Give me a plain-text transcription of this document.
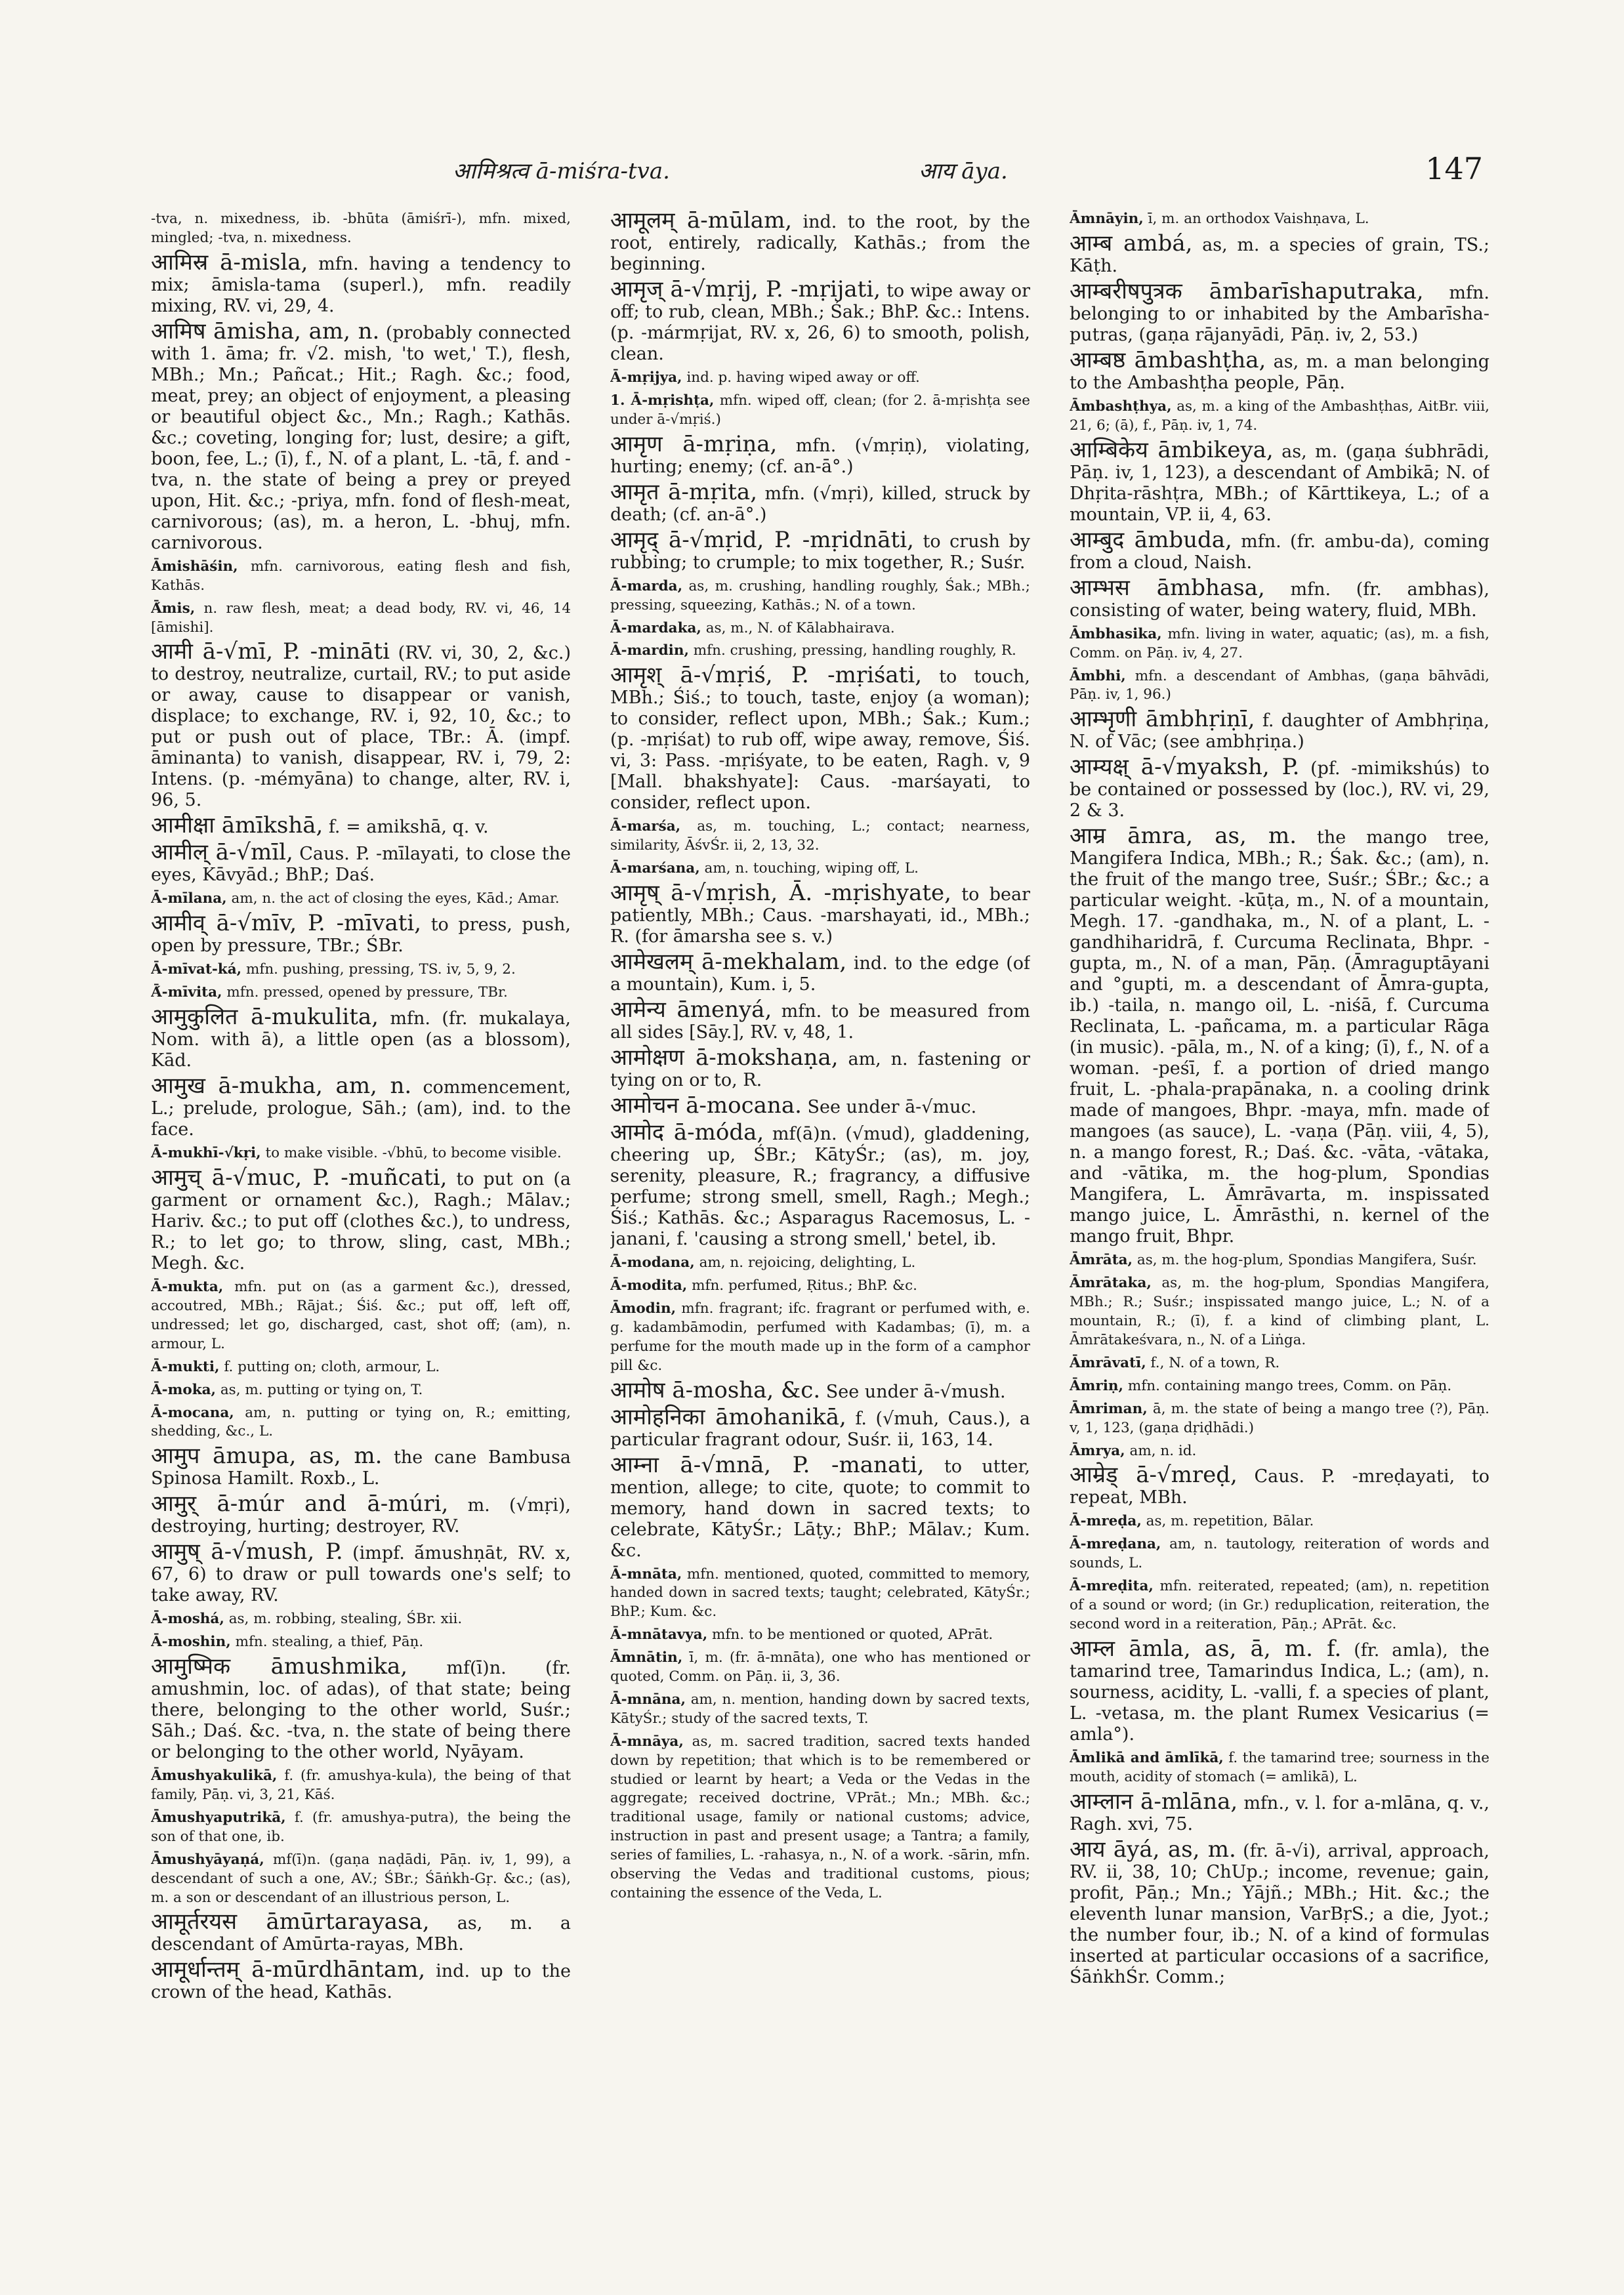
आमिश्रत्व ā-miśra-tva.	आय āya.	147

-tva, n. mixedness, ib. -bhūta (āmiśrī-), mfn. mixed, mingled; -tva, n. mixedness.

आमिस्र ā-misla, mfn. having a tendency to mix; āmisla-tama (superl.), mfn. readily mixing, RV. vi, 29, 4.

आमिष āmisha, am, n. (probably connected with 1. āma; fr. √2. mish, 'to wet,' T.), flesh, MBh.; Mn.; Pañcat.; Hit.; Ragh. &c.; food, meat, prey; an object of enjoyment, a pleasing or beautiful object &c., Mn.; Ragh.; Kathās. &c.; coveting, longing for; lust, desire; a gift, boon, fee, L.; (ī), f., N. of a plant, L. -tā, f. and -tva, n. the state of being a prey or preyed upon, Hit. &c.; -priya, mfn. fond of flesh-meat, carnivorous; (as), m. a heron, L. -bhuj, mfn. carnivorous.

Āmishāśin, mfn. carnivorous, eating flesh and fish, Kathās.

Ā́mis, n. raw flesh, meat; a dead body, RV. vi, 46, 14 [āmishi].

आमी ā-√mī, P. -mināti (RV. vi, 30, 2, &c.) to destroy, neutralize, curtail, RV.; to put aside or away, cause to disappear or vanish, displace; to exchange, RV. i, 92, 10, &c.; to put or push out of place, TBr.: Ā. (impf. āminanta) to vanish, disappear, RV. i, 79, 2: Intens. (p. -mémyāna) to change, alter, RV. i, 96, 5.

आमीक्षा āmīkshā, f. = amikshā, q. v.

आमील् ā-√mīl, Caus. P. -mīlayati, to close the eyes, Kāvyād.; BhP.; Daś.

Ā-mīlana, am, n. the act of closing the eyes, Kād.; Amar.

आमीव् ā-√mīv, P. -mīvati, to press, push, open by pressure, TBr.; ŚBr.

Ā-mīvat-ká, mfn. pushing, pressing, TS. iv, 5, 9, 2.

Ā́-mīvita, mfn. pressed, opened by pressure, TBr.

आमुकुलित ā-mukulita, mfn. (fr. mukalaya, Nom. with ā), a little open (as a blossom), Kād.

आमुख ā-mukha, am, n. commencement, L.; prelude, prologue, Sāh.; (am), ind. to the face.

Ā-mukhī-√kṛi, to make visible. -√bhū, to become visible.

आमुच् ā-√muc, P. -muñcati, to put on (a garment or ornament &c.), Ragh.; Mālav.; Hariv. &c.; to put off (clothes &c.), to undress, R.; to let go; to throw, sling, cast, MBh.; Megh. &c.

Ā-mukta, mfn. put on (as a garment &c.), dressed, accoutred, MBh.; Rājat.; Śiś. &c.; put off, left off, undressed; let go, discharged, cast, shot off; (am), n. armour, L.

Ā-mukti, f. putting on; cloth, armour, L.

Ā-moka, as, m. putting or tying on, T.

Ā-mocana, am, n. putting or tying on, R.; emitting, shedding, &c., L.

आमुप āmupa, as, m. the cane Bambusa Spinosa Hamilt. Roxb., L.

आमुर् ā-múr and ā-múri, m. (√mṛi), destroying, hurting; destroyer, RV.

आमुष् ā-√mush, P. (impf. ā́mushṇāt, RV. x, 67, 6) to draw or pull towards one's self; to take away, RV.

Ā-moshá, as, m. robbing, stealing, ŚBr. xii.

Ā-moshin, mfn. stealing, a thief, Pāṇ.

आमुष्मिक āmushmika, mf(ī)n. (fr. amushmin, loc. of adas), of that state; being there, belonging to the other world, Suśr.; Sāh.; Daś. &c. -tva, n. the state of being there or belonging to the other world, Nyāyam.

Āmushyakulikā, f. (fr. amushya-kula), the being of that family, Pāṇ. vi, 3, 21, Kāś.

Āmushyaputrikā, f. (fr. amushya-putra), the being the son of that one, ib.

Āmushyāyaṇá, mf(ī)n. (gaṇa naḍādi, Pāṇ. iv, 1, 99), a descendant of such a one, AV.; ŚBr.; Śāṅkh-Gṛ. &c.; (as), m. a son or descendant of an illustrious person, L.

आमूर्तरयस āmūrtarayasa, as, m. a descendant of Amūrta-rayas, MBh.

आमूर्धान्तम् ā-mūrdhāntam, ind. up to the crown of the head, Kathās.

आमूलम् ā-mūlam, ind. to the root, by the root, entirely, radically, Kathās.; from the beginning.

आमृज् ā-√mṛij, P. -mṛijati, to wipe away or off; to rub, clean, MBh.; Śak.; BhP. &c.: Intens. (p. -mármṛijat, RV. x, 26, 6) to smooth, polish, clean.

Ā-mṛijya, ind. p. having wiped away or off.

1. Ā-mṛishṭa, mfn. wiped off, clean; (for 2. ā-mṛishṭa see under ā-√mṛiś.)

आमृण ā-mṛiṇa, mfn. (√mṛiṇ), violating, hurting; enemy; (cf. an-ā°.)

आमृत ā-mṛita, mfn. (√mṛi), killed, struck by death; (cf. an-ā°.)

आमृद् ā-√mṛid, P. -mṛidnāti, to crush by rubbing; to crumple; to mix together, R.; Suśr.

Ā-marda, as, m. crushing, handling roughly, Śak.; MBh.; pressing, squeezing, Kathās.; N. of a town.

Ā-mardaka, as, m., N. of Kālabhairava.

Ā-mardin, mfn. crushing, pressing, handling roughly, R.

आमृश् ā-√mṛiś, P. -mṛiśati, to touch, MBh.; Śiś.; to touch, taste, enjoy (a woman); to consider, reflect upon, MBh.; Śak.; Kum.; (p. -mṛiśat) to rub off, wipe away, remove, Śiś. vi, 3: Pass. -mṛiśyate, to be eaten, Ragh. v, 9 [Mall. bhakshyate]: Caus. -marśayati, to consider, reflect upon.

Ā-marśa, as, m. touching, L.; contact; nearness, similarity, ĀśvŚr. ii, 2, 13, 32.

Ā-marśana, am, n. touching, wiping off, L.

आमृष् ā-√mṛish, Ā. -mṛishyate, to bear patiently, MBh.; Caus. -marshayati, id., MBh.; R. (for āmarsha see s. v.)

आमेखलम् ā-mekhalam, ind. to the edge (of a mountain), Kum. i, 5.

आमेन्य āmenyá, mfn. to be measured from all sides [Sāy.], RV. v, 48, 1.

आमोक्षण ā-mokshaṇa, am, n. fastening or tying on or to, R.

आमोचन ā-mocana. See under ā-√muc.

आमोद ā-móda, mf(ā)n. (√mud), gladdening, cheering up, ŚBr.; KātyŚr.; (as), m. joy, serenity, pleasure, R.; fragrancy, a diffusive perfume; strong smell, smell, Ragh.; Megh.; Śiś.; Kathās. &c.; Asparagus Racemosus, L. -janani, f. 'causing a strong smell,' betel, ib.

Ā-modana, am, n. rejoicing, delighting, L.

Ā-modita, mfn. perfumed, Ṛitus.; BhP. &c.

Āmodin, mfn. fragrant; ifc. fragrant or perfumed with, e. g. kadambāmodin, perfumed with Kadambas; (ī), m. a perfume for the mouth made up in the form of a camphor pill &c.

आमोष ā-mosha, &c. See under ā-√mush.

आमोहनिका āmohanikā, f. (√muh, Caus.), a particular fragrant odour, Suśr. ii, 163, 14.

आम्ना ā-√mnā, P. -manati, to utter, mention, allege; to cite, quote; to commit to memory, hand down in sacred texts; to celebrate, KātyŚr.; Lāṭy.; BhP.; Mālav.; Kum. &c.

Ā-mnāta, mfn. mentioned, quoted, committed to memory, handed down in sacred texts; taught; celebrated, KātyŚr.; BhP.; Kum. &c.

Ā-mnātavya, mfn. to be mentioned or quoted, APrāt.

Āmnātin, ī, m. (fr. ā-mnāta), one who has mentioned or quoted, Comm. on Pāṇ. ii, 3, 36.

Ā-mnāna, am, n. mention, handing down by sacred texts, KātyŚr.; study of the sacred texts, T.

Ā-mnāya, as, m. sacred tradition, sacred texts handed down by repetition; that which is to be remembered or studied or learnt by heart; a Veda or the Vedas in the aggregate; received doctrine, VPrāt.; Mn.; MBh. &c.; traditional usage, family or national customs; advice, instruction in past and present usage; a Tantra; a family, series of families, L. -rahasya, n., N. of a work. -sārin, mfn. observing the Vedas and traditional customs, pious; containing the essence of the Veda, L.

Āmnāyin, ī, m. an orthodox Vaishṇava, L.

आम्ब ambá, as, m. a species of grain, TS.; Kāṭh.

आम्बरीषपुत्रक āmbarīshaputraka, mfn. belonging to or inhabited by the Ambarīsha-putras, (gaṇa rājanyādi, Pāṇ. iv, 2, 53.)

आम्बष्ठ āmbashṭha, as, m. a man belonging to the Ambashṭha people, Pāṇ.

Āmbashṭhya, as, m. a king of the Ambashṭhas, AitBr. viii, 21, 6; (ā), f., Pāṇ. iv, 1, 74.

आम्बिकेय āmbikeya, as, m. (gaṇa śubhrādi, Pāṇ. iv, 1, 123), a descendant of Ambikā; N. of Dhṛita-rāshṭra, MBh.; of Kārttikeya, L.; of a mountain, VP. ii, 4, 63.

आम्बुद āmbuda, mfn. (fr. ambu-da), coming from a cloud, Naish.

आम्भस āmbhasa, mfn. (fr. ambhas), consisting of water, being watery, fluid, MBh.

Āmbhasika, mfn. living in water, aquatic; (as), m. a fish, Comm. on Pāṇ. iv, 4, 27.

Āmbhi, mfn. a descendant of Ambhas, (gaṇa bāhvādi, Pāṇ. iv, 1, 96.)

आम्भृणी āmbhṛiṇī, f. daughter of Ambhṛiṇa, N. of Vāc; (see ambhṛiṇa.)

आम्यक्ष् ā-√myaksh, P. (pf. -mimikshús) to be contained or possessed by (loc.), RV. vi, 29, 2 & 3.

आम्र āmra, as, m. the mango tree, Mangifera Indica, MBh.; R.; Śak. &c.; (am), n. the fruit of the mango tree, Suśr.; ŚBr.; &c.; a particular weight. -kūṭa, m., N. of a mountain, Megh. 17. -gandhaka, m., N. of a plant, L. -gandhiharidrā, f. Curcuma Reclinata, Bhpr. -gupta, m., N. of a man, Pāṇ. (Āmraguptāyani and °gupti, m. a descendant of Āmra-gupta, ib.) -taila, n. mango oil, L. -niśā, f. Curcuma Reclinata, L. -pañcama, m. a particular Rāga (in music). -pāla, m., N. of a king; (ī), f., N. of a woman. -peśī, f. a portion of dried mango fruit, L. -phala-prapānaka, n. a cooling drink made of mangoes, Bhpr. -maya, mfn. made of mangoes (as sauce), L. -vaṇa (Pāṇ. viii, 4, 5), n. a mango forest, R.; Daś. &c. -vāta, -vātaka, and -vātika, m. the hog-plum, Spondias Mangifera, L. Āmrāvarta, m. inspissated mango juice, L. Āmrāsthi, n. kernel of the mango fruit, Bhpr.

Āmrāta, as, m. the hog-plum, Spondias Mangifera, Suśr.

Āmrātaka, as, m. the hog-plum, Spondias Mangifera, MBh.; R.; Suśr.; inspissated mango juice, L.; N. of a mountain, R.; (ī), f. a kind of climbing plant, L. Āmrātakeśvara, n., N. of a Liṅga.

Āmrāvatī, f., N. of a town, R.

Āmriṇ, mfn. containing mango trees, Comm. on Pāṇ.

Āmriman, ā, m. the state of being a mango tree (?), Pāṇ. v, 1, 123, (gaṇa dṛiḍhādi.)

Āmrya, am, n. id.

आम्रेड् ā-√mreḍ, Caus. P. -mreḍayati, to repeat, MBh.

Ā-mreḍa, as, m. repetition, Bālar.

Ā-mreḍana, am, n. tautology, reiteration of words and sounds, L.

Ā-mreḍita, mfn. reiterated, repeated; (am), n. repetition of a sound or word; (in Gr.) reduplication, reiteration, the second word in a reiteration, Pāṇ.; APrāt. &c.

आम्ल āmla, as, ā, m. f. (fr. amla), the tamarind tree, Tamarindus Indica, L.; (am), n. sourness, acidity, L. -valli, f. a species of plant, L. -vetasa, m. the plant Rumex Vesicarius (= amla°).

Āmlikā and āmlīkā, f. the tamarind tree; sourness in the mouth, acidity of stomach (= amlikā), L.

आम्लान ā-mlāna, mfn., v. l. for a-mlāna, q. v., Ragh. xvi, 75.

आय āyá, as, m. (fr. ā-√i), arrival, approach, RV. ii, 38, 10; ChUp.; income, revenue; gain, profit, Pāṇ.; Mn.; Yājñ.; MBh.; Hit. &c.; the eleventh lunar mansion, VarBṛS.; a die, Jyot.; the number four, ib.; N. of a kind of formulas inserted at particular occasions of a sacrifice, ŚāṅkhŚr. Comm.;
